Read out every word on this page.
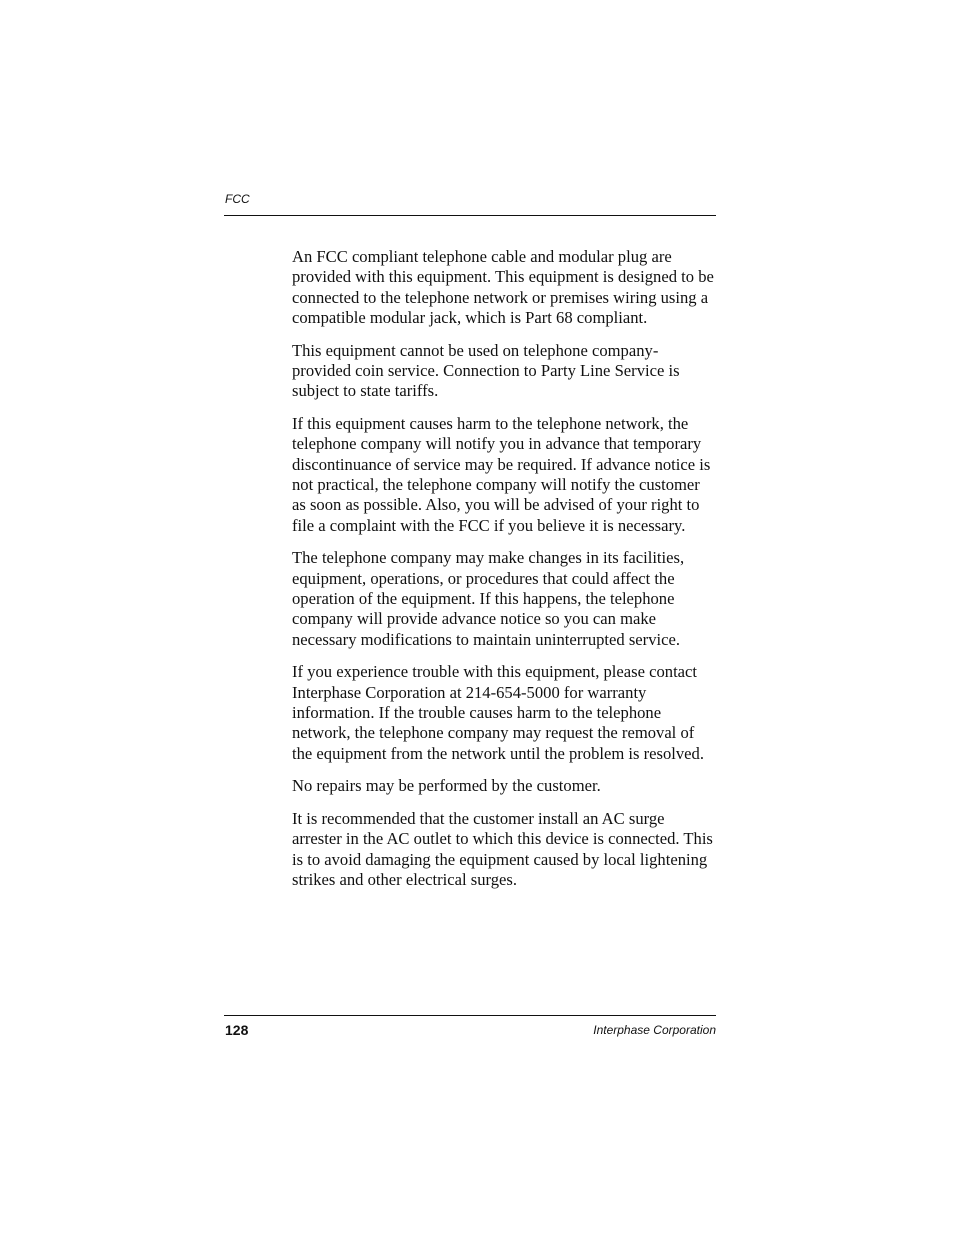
FCC

An FCC compliant telephone cable and modular plug are provided with this equipment. This equipment is designed to be connected to the telephone network or premises wiring using a compatible modular jack, which is Part 68 compliant.

This equipment cannot be used on telephone company-provided coin service. Connection to Party Line Service is subject to state tariffs.

If this equipment causes harm to the telephone network, the telephone company will notify you in advance that temporary discontinuance of service may be required. If advance notice is not practical, the telephone company will notify the customer as soon as possible. Also, you will be advised of your right to file a complaint with the FCC if you believe it is necessary.

The telephone company may make changes in its facilities, equipment, operations, or procedures that could affect the operation of the equipment. If this happens, the telephone company will provide advance notice so you can make necessary modifications to maintain uninterrupted service.

If you experience trouble with this equipment, please contact Interphase Corporation at 214-654-5000 for warranty information. If the trouble causes harm to the telephone network, the telephone company may request the removal of the equipment from the network until the problem is resolved.

No repairs may be performed by the customer.

It is recommended that the customer install an AC surge arrester in the AC outlet to which this device is connected. This is to avoid damaging the equipment caused by local lightening strikes and other electrical surges.

128	Interphase Corporation
